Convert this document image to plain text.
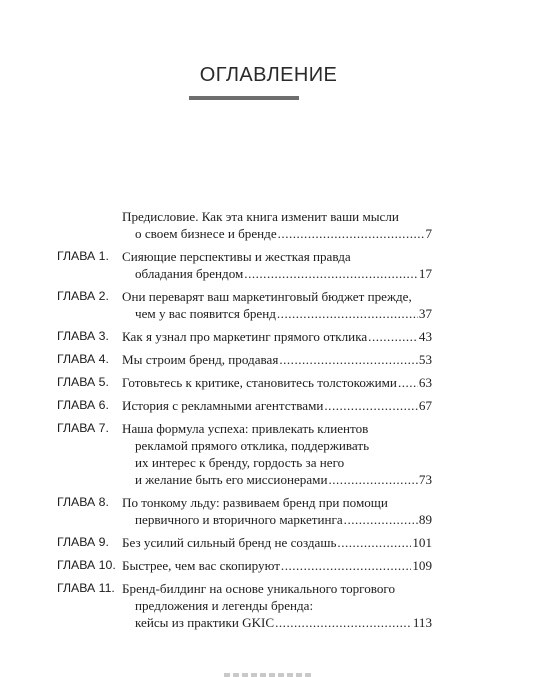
ОГЛАВЛЕНИЕ
Предисловие. Как эта книга изменит ваши мысли
о своем бизнесе и бренде .....	7
ГЛАВА 1. Сияющие перспективы и жесткая правда
обладания брендом .....	17
ГЛАВА 2. Они переварят ваш маркетинговый бюджет прежде,
чем у вас появится бренд .....	37
ГЛАВА 3. Как я узнал про маркетинг прямого отклика .....	43
ГЛАВА 4. Мы строим бренд, продавая .....	53
ГЛАВА 5. Готовьтесь к критике, становитесь толстокожими ..... 63
ГЛАВА 6. История с рекламными агентствами .....	67
ГЛАВА 7. Наша формула успеха: привлекать клиентов
рекламой прямого отклика, поддерживать
их интерес к бренду, гордость за него
и желание быть его миссионерами .....	73
ГЛАВА 8. По тонкому льду: развиваем бренд при помощи
первичного и вторичного маркетинга .....	89
ГЛАВА 9. Без усилий сильный бренд не создашь .....	101
ГЛАВА 10. Быстрее, чем вас скопируют .....	109
ГЛАВА 11. Бренд-билдинг на основе уникального торгового
предложения и легенды бренда:
кейсы из практики GKIC .....	113
